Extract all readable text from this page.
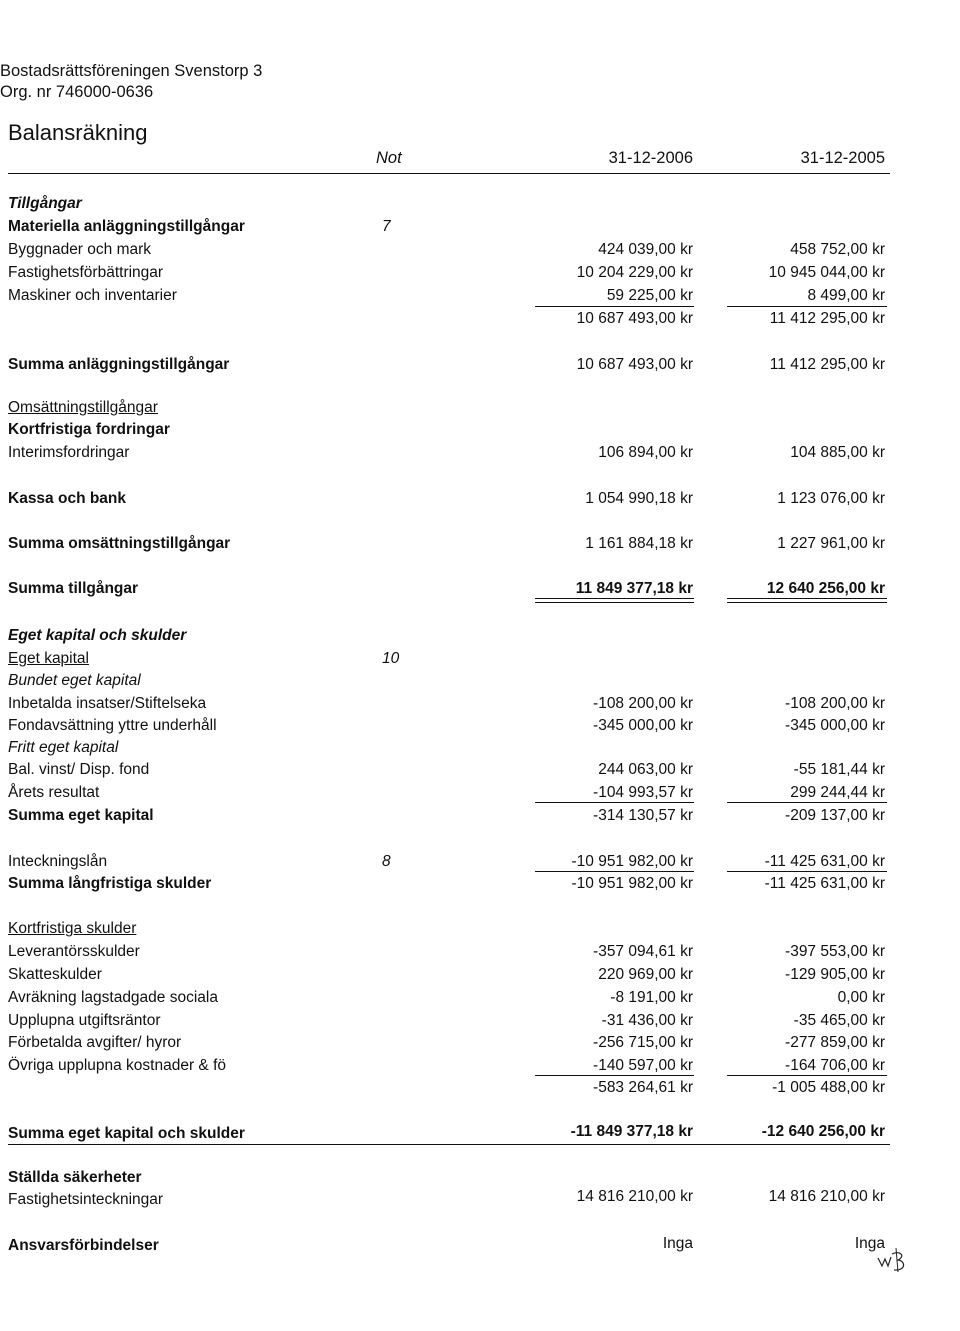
Bostadsrättsföreningen Svenstorp 3
Org. nr 746000-0636
Balansräkning
Not	31-12-2006	31-12-2005
Tillgångar
Materiella anläggningstillgångar	7
Byggnader och mark	424 039,00 kr	458 752,00 kr
Fastighetsförbättringar	10 204 229,00 kr	10 945 044,00 kr
Maskiner och inventarier	59 225,00 kr	8 499,00 kr
10 687 493,00 kr	11 412 295,00 kr
Summa anläggningstillgångar	10 687 493,00 kr	11 412 295,00 kr
Omsättningstillgångar
Kortfristiga fordringar
Interimsfordringar	106 894,00 kr	104 885,00 kr
Kassa och bank	1 054 990,18 kr	1 123 076,00 kr
Summa omsättningstillgångar	1 161 884,18 kr	1 227 961,00 kr
Summa tillgångar	11 849 377,18 kr	12 640 256,00 kr
Eget kapital och skulder
Eget kapital	10
Bundet eget kapital
Inbetalda insatser/Stiftelseka	-108 200,00 kr	-108 200,00 kr
Fondavsättning yttre underhåll	-345 000,00 kr	-345 000,00 kr
Fritt eget kapital
Bal. vinst/ Disp. fond	244 063,00 kr	-55 181,44 kr
Årets resultat	-104 993,57 kr	299 244,44 kr
Summa eget kapital	-314 130,57 kr	-209 137,00 kr
Inteckningslån	8	-10 951 982,00 kr	-11 425 631,00 kr
Summa långfristiga skulder	-10 951 982,00 kr	-11 425 631,00 kr
Kortfristiga skulder
Leverantörsskulder	-357 094,61 kr	-397 553,00 kr
Skatteskulder	220 969,00 kr	-129 905,00 kr
Avräkning lagstadgade sociala	-8 191,00 kr	0,00 kr
Upplupna utgiftsräntor	-31 436,00 kr	-35 465,00 kr
Förbetalda avgifter/ hyror	-256 715,00 kr	-277 859,00 kr
Övriga upplupna kostnader & fö	-140 597,00 kr	-164 706,00 kr
-583 264,61 kr	-1 005 488,00 kr
Summa eget kapital och skulder	-11 849 377,18 kr	-12 640 256,00 kr
Ställda säkerheter
Fastighetsinteckningar	14 816 210,00 kr	14 816 210,00 kr
Ansvarsförbindelser	Inga	Inga
